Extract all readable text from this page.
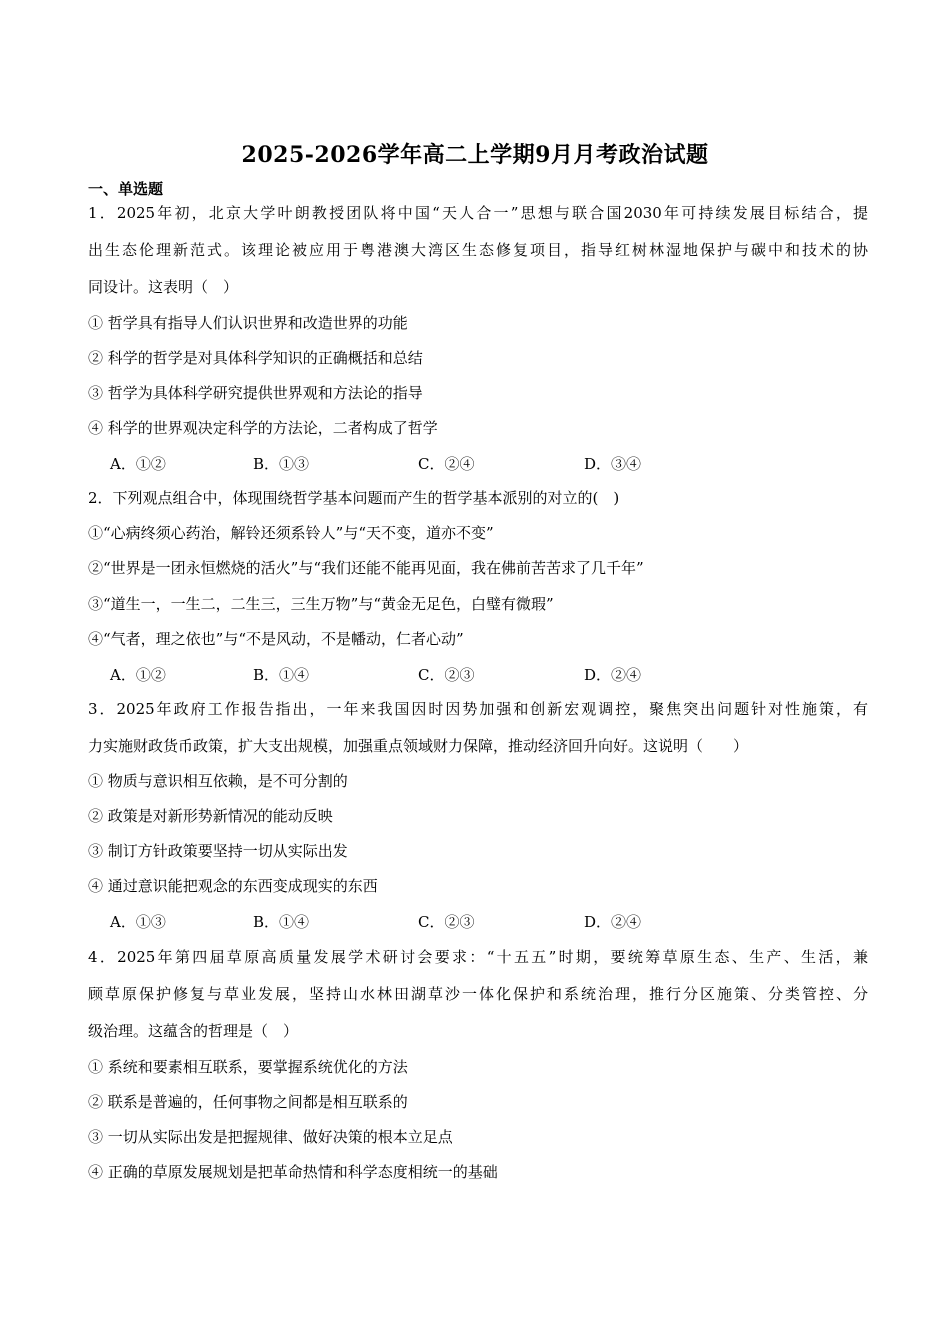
2025-2026学年高二上学期9月月考政治试题
一、单选题
1．2025年初，北京大学叶朗教授团队将中国“天人合一”思想与联合国2030年可持续发展目标结合，提
出生态伦理新范式。该理论被应用于粤港澳大湾区生态修复项目，指导红树林湿地保护与碳中和技术的协
同设计。这表明（　）
① 哲学具有指导人们认识世界和改造世界的功能
② 科学的哲学是对具体科学知识的正确概括和总结
③ 哲学为具体科学研究提供世界观和方法论的指导
④ 科学的世界观决定科学的方法论，二者构成了哲学
A．①②	B．①③	C．②④	D．③④
2．下列观点组合中，体现围绕哲学基本问题而产生的哲学基本派别的对立的(　)
①“心病终须心药治，解铃还须系铃人”与“天不变，道亦不变”
②“世界是一团永恒燃烧的活火”与“我们还能不能再见面，我在佛前苦苦求了几千年”
③“道生一，一生二，二生三，三生万物”与“黄金无足色，白璧有微瑕”
④“气者，理之依也”与“不是风动，不是幡动，仁者心动”
A．①②	B．①④	C．②③	D．②④
3．2025年政府工作报告指出，一年来我国因时因势加强和创新宏观调控，聚焦突出问题针对性施策，有
力实施财政货币政策，扩大支出规模，加强重点领域财力保障，推动经济回升向好。这说明（　　）
① 物质与意识相互依赖，是不可分割的
② 政策是对新形势新情况的能动反映
③ 制订方针政策要坚持一切从实际出发
④ 通过意识能把观念的东西变成现实的东西
A．①③	B．①④	C．②③	D．②④
4．2025年第四届草原高质量发展学术研讨会要求：“十五五”时期，要统筹草原生态、生产、生活，兼
顾草原保护修复与草业发展，坚持山水林田湖草沙一体化保护和系统治理，推行分区施策、分类管控、分
级治理。这蕴含的哲理是（　）
① 系统和要素相互联系，要掌握系统优化的方法
② 联系是普遍的，任何事物之间都是相互联系的
③ 一切从实际出发是把握规律、做好决策的根本立足点
④ 正确的草原发展规划是把革命热情和科学态度相统一的基础
